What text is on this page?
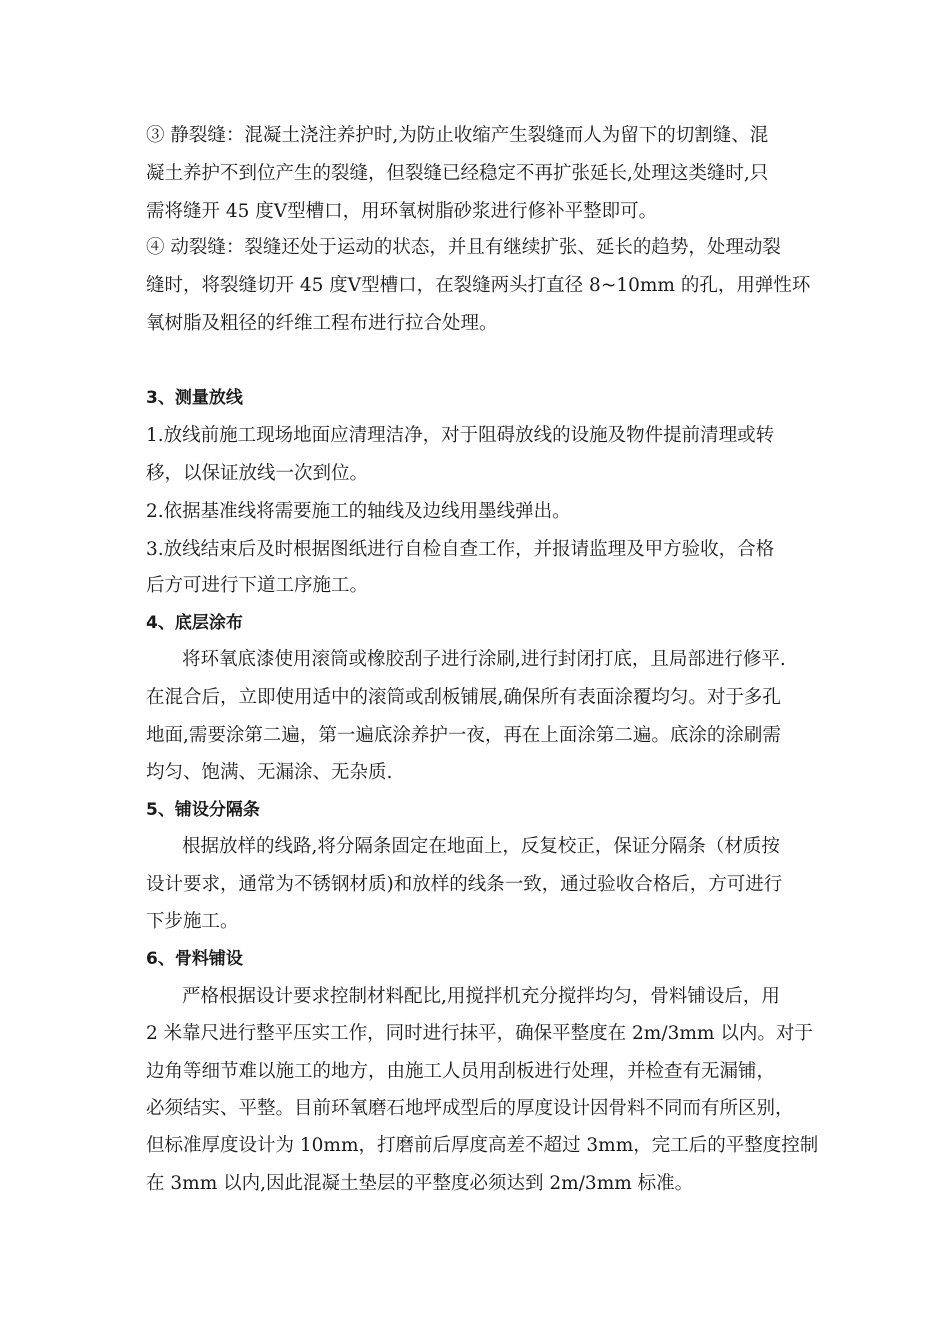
③ 静裂缝：混凝土浇注养护时,为防止收缩产生裂缝而人为留下的切割缝、混
凝土养护不到位产生的裂缝，但裂缝已经稳定不再扩张延长,处理这类缝时,只
需将缝开 45 度Ⅴ型槽口，用环氧树脂砂浆进行修补平整即可。
④ 动裂缝：裂缝还处于运动的状态，并且有继续扩张、延长的趋势，处理动裂
缝时，将裂缝切开 45 度Ⅴ型槽口，在裂缝两头打直径 8~10mm 的孔，用弹性环
氧树脂及粗径的纤维工程布进行拉合处理。
3、测量放线
1.放线前施工现场地面应清理洁净，对于阻碍放线的设施及物件提前清理或转
移，以保证放线一次到位。
2.依据基准线将需要施工的轴线及边线用墨线弹出。
3.放线结束后及时根据图纸进行自检自查工作，并报请监理及甲方验收，合格
后方可进行下道工序施工。
4、底层涂布
将环氧底漆使用滚筒或橡胶刮子进行涂刷,进行封闭打底，且局部进行修平.
在混合后，立即使用适中的滚筒或刮板铺展,确保所有表面涂覆均匀。对于多孔
地面,需要涂第二遍，第一遍底涂养护一夜，再在上面涂第二遍。底涂的涂刷需
均匀、饱满、无漏涂、无杂质.
5、铺设分隔条
根据放样的线路,将分隔条固定在地面上，反复校正，保证分隔条（材质按
设计要求，通常为不锈钢材质)和放样的线条一致，通过验收合格后，方可进行
下步施工。
6、骨料铺设
严格根据设计要求控制材料配比,用搅拌机充分搅拌均匀，骨料铺设后，用
2 米靠尺进行整平压实工作，同时进行抹平，确保平整度在 2m/3mm 以内。对于
边角等细节难以施工的地方，由施工人员用刮板进行处理，并检查有无漏铺，
必须结实、平整。目前环氧磨石地坪成型后的厚度设计因骨料不同而有所区别，
但标准厚度设计为 10mm，打磨前后厚度高差不超过 3mm，完工后的平整度控制
在 3mm 以内,因此混凝土垫层的平整度必须达到 2m/3mm 标准。
